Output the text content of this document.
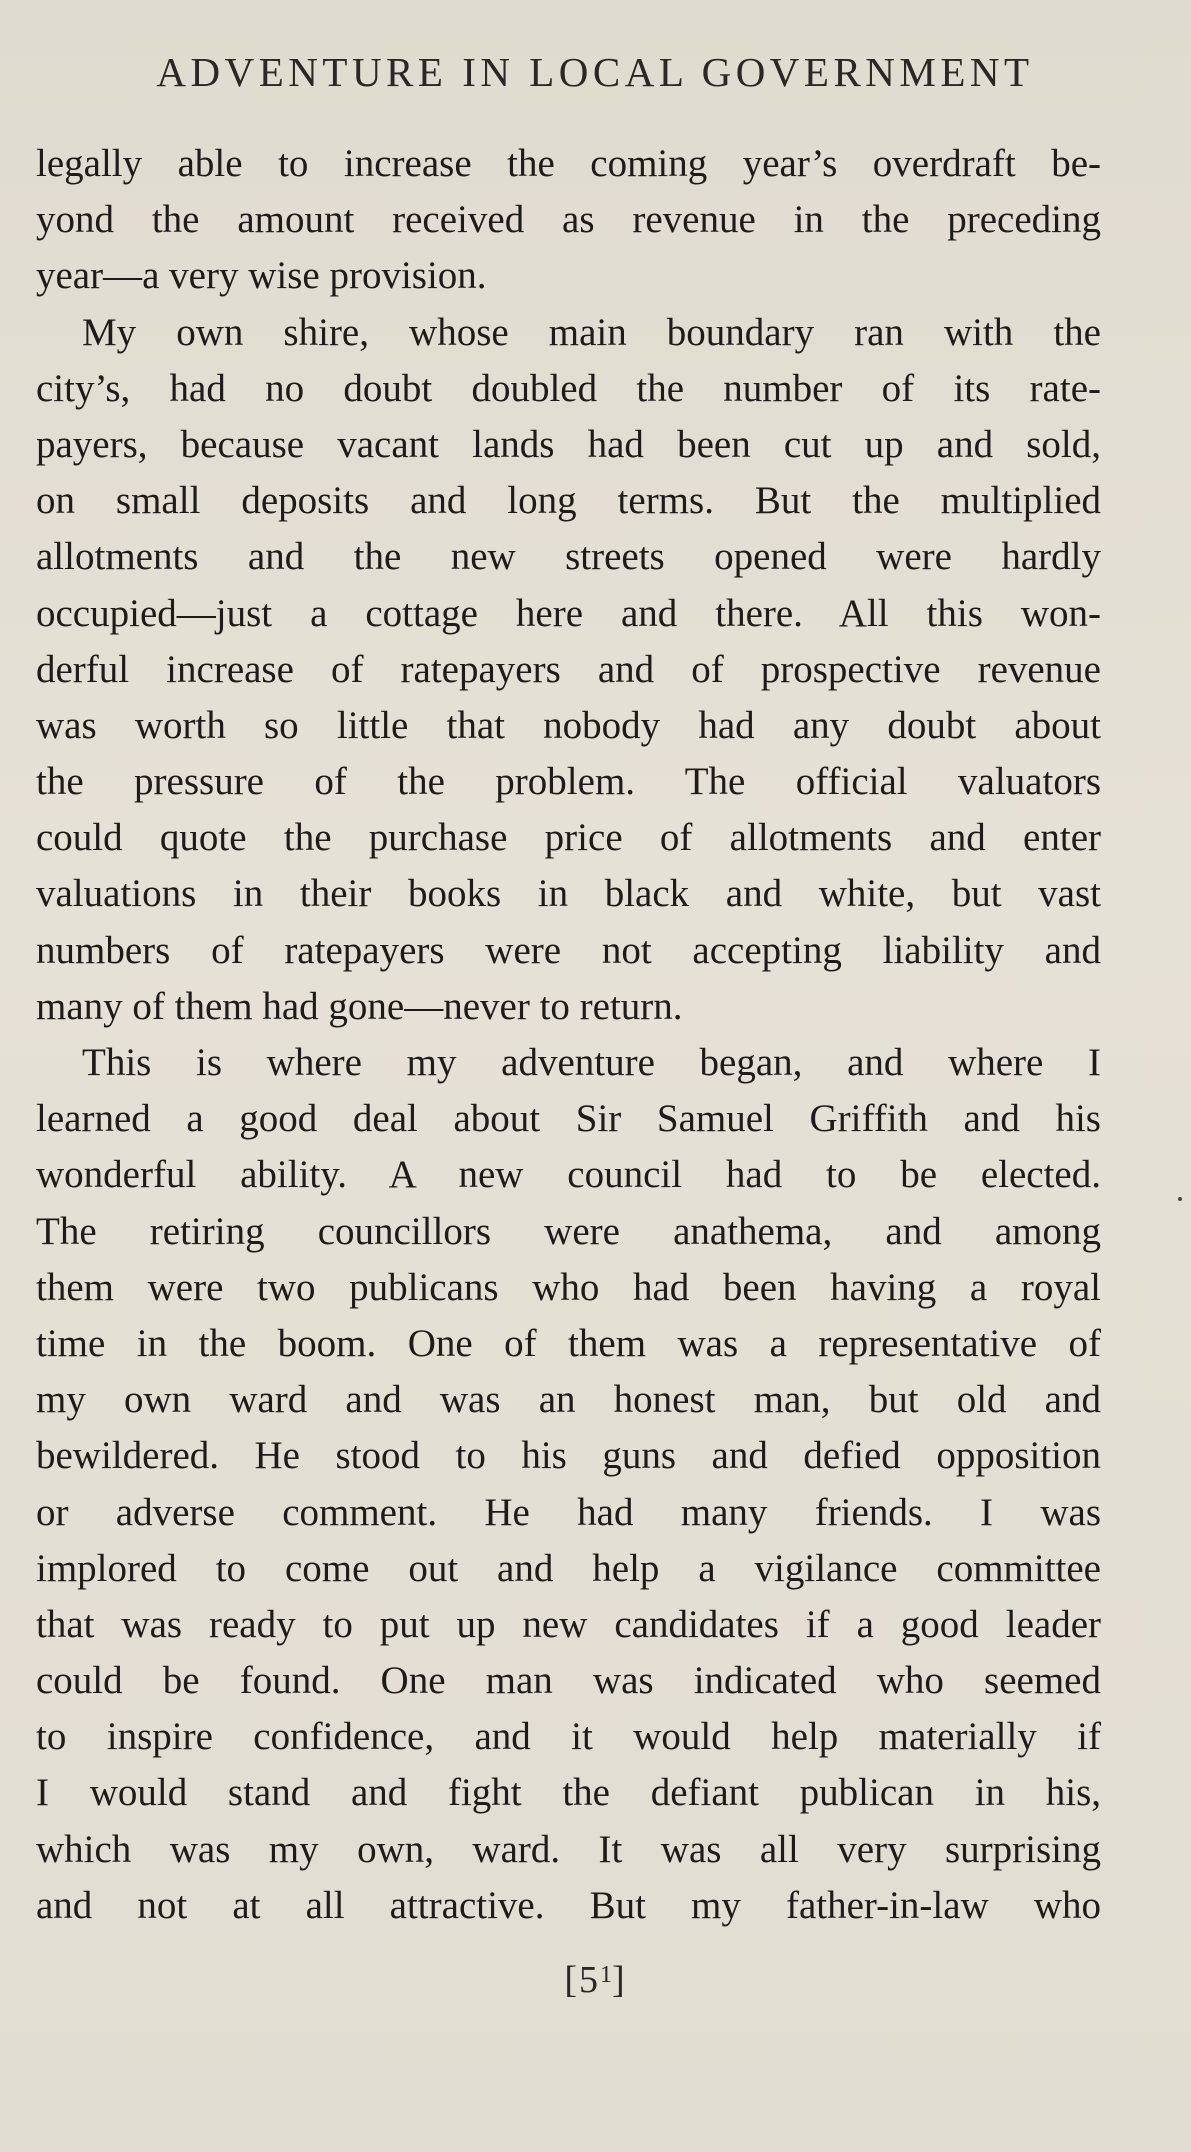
ADVENTURE IN LOCAL GOVERNMENT
legally able to increase the coming year’s overdraft be-
yond the amount received as revenue in the preceding
year—a very wise provision.
My own shire, whose main boundary ran with the
city’s, had no doubt doubled the number of its rate-
payers, because vacant lands had been cut up and sold,
on small deposits and long terms. But the multiplied
allotments and the new streets opened were hardly
occupied—just a cottage here and there. All this won-
derful increase of ratepayers and of prospective revenue
was worth so little that nobody had any doubt about
the pressure of the problem. The official valuators
could quote the purchase price of allotments and enter
valuations in their books in black and white, but vast
numbers of ratepayers were not accepting liability and
many of them had gone—never to return.
This is where my adventure began, and where I
learned a good deal about Sir Samuel Griffith and his
wonderful ability. A new council had to be elected.
The retiring councillors were anathema, and among
them were two publicans who had been having a royal
time in the boom. One of them was a representative of
my own ward and was an honest man, but old and
bewildered. He stood to his guns and defied opposition
or adverse comment. He had many friends. I was
implored to come out and help a vigilance committee
that was ready to put up new candidates if a good leader
could be found. One man was indicated who seemed
to inspire confidence, and it would help materially if
I would stand and fight the defiant publican in his,
which was my own, ward. It was all very surprising
and not at all attractive. But my father-in-law who
$[5^1]$
